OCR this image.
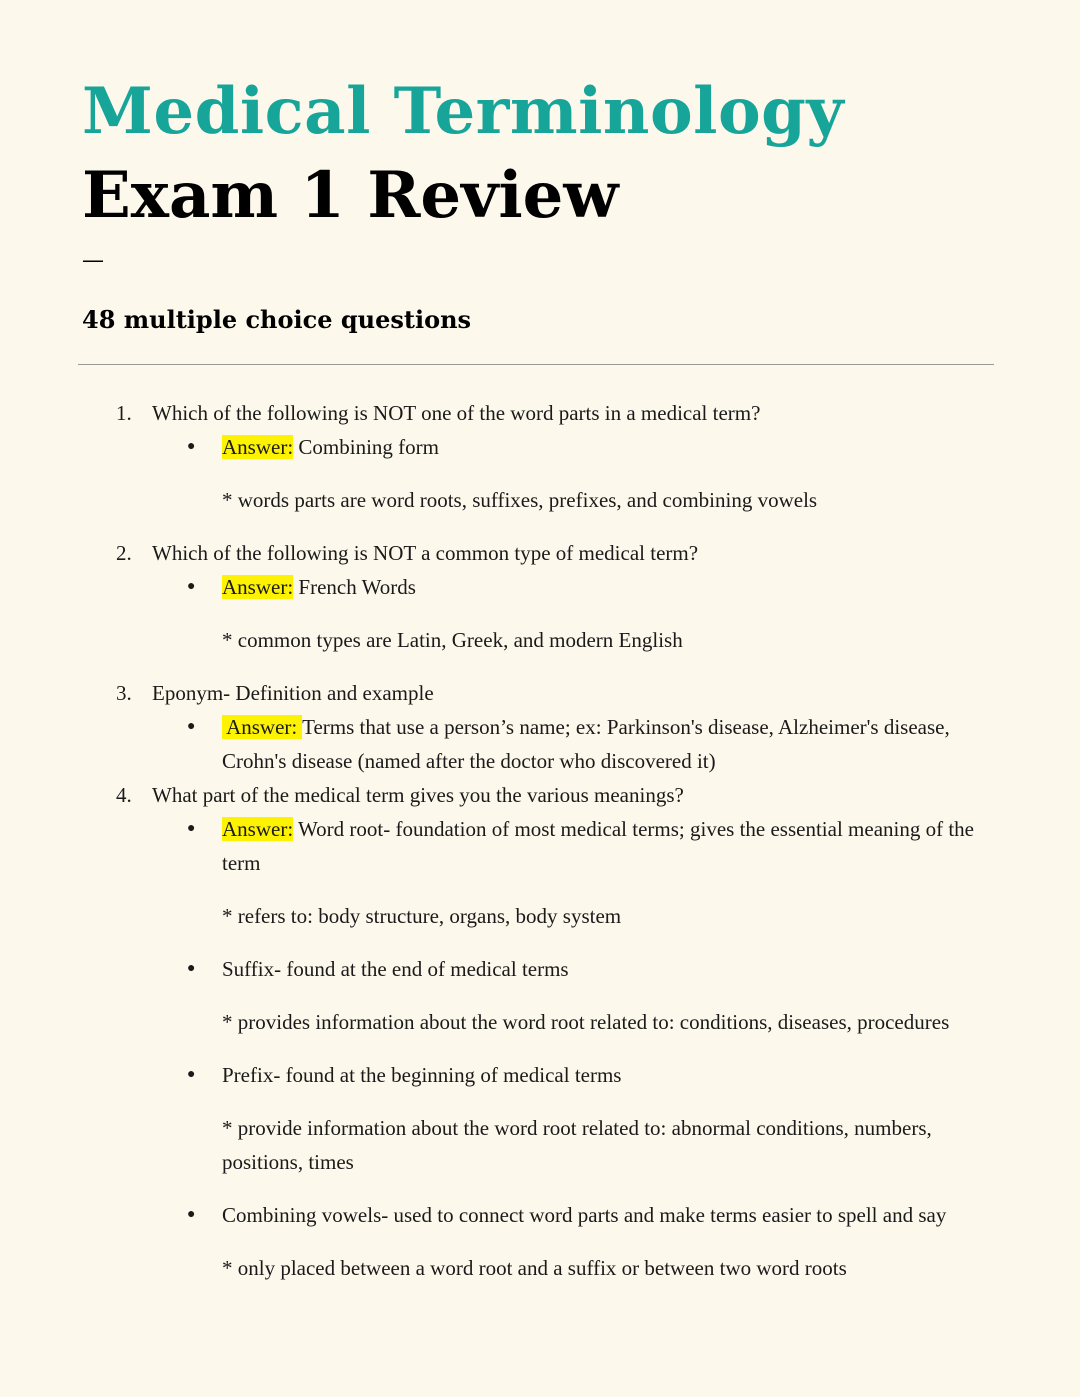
Medical Terminology
Exam 1 Review
—
48 multiple choice questions
1. Which of the following is NOT one of the word parts in a medical term?
● Answer: Combining form
* words parts are word roots, suffixes, prefixes, and combining vowels
2. Which of the following is NOT a common type of medical term?
● Answer: French Words
* common types are Latin, Greek, and modern English
3. Eponym- Definition and example
● Answer: Terms that use a person’s name; ex: Parkinson's disease, Alzheimer's disease, Crohn's disease (named after the doctor who discovered it)
4. What part of the medical term gives you the various meanings?
● Answer: Word root- foundation of most medical terms; gives the essential meaning of the term
* refers to: body structure, organs, body system
● Suffix- found at the end of medical terms
* provides information about the word root related to: conditions, diseases, procedures
● Prefix- found at the beginning of medical terms
* provide information about the word root related to: abnormal conditions, numbers, positions, times
● Combining vowels- used to connect word parts and make terms easier to spell and say
* only placed between a word root and a suffix or between two word roots
